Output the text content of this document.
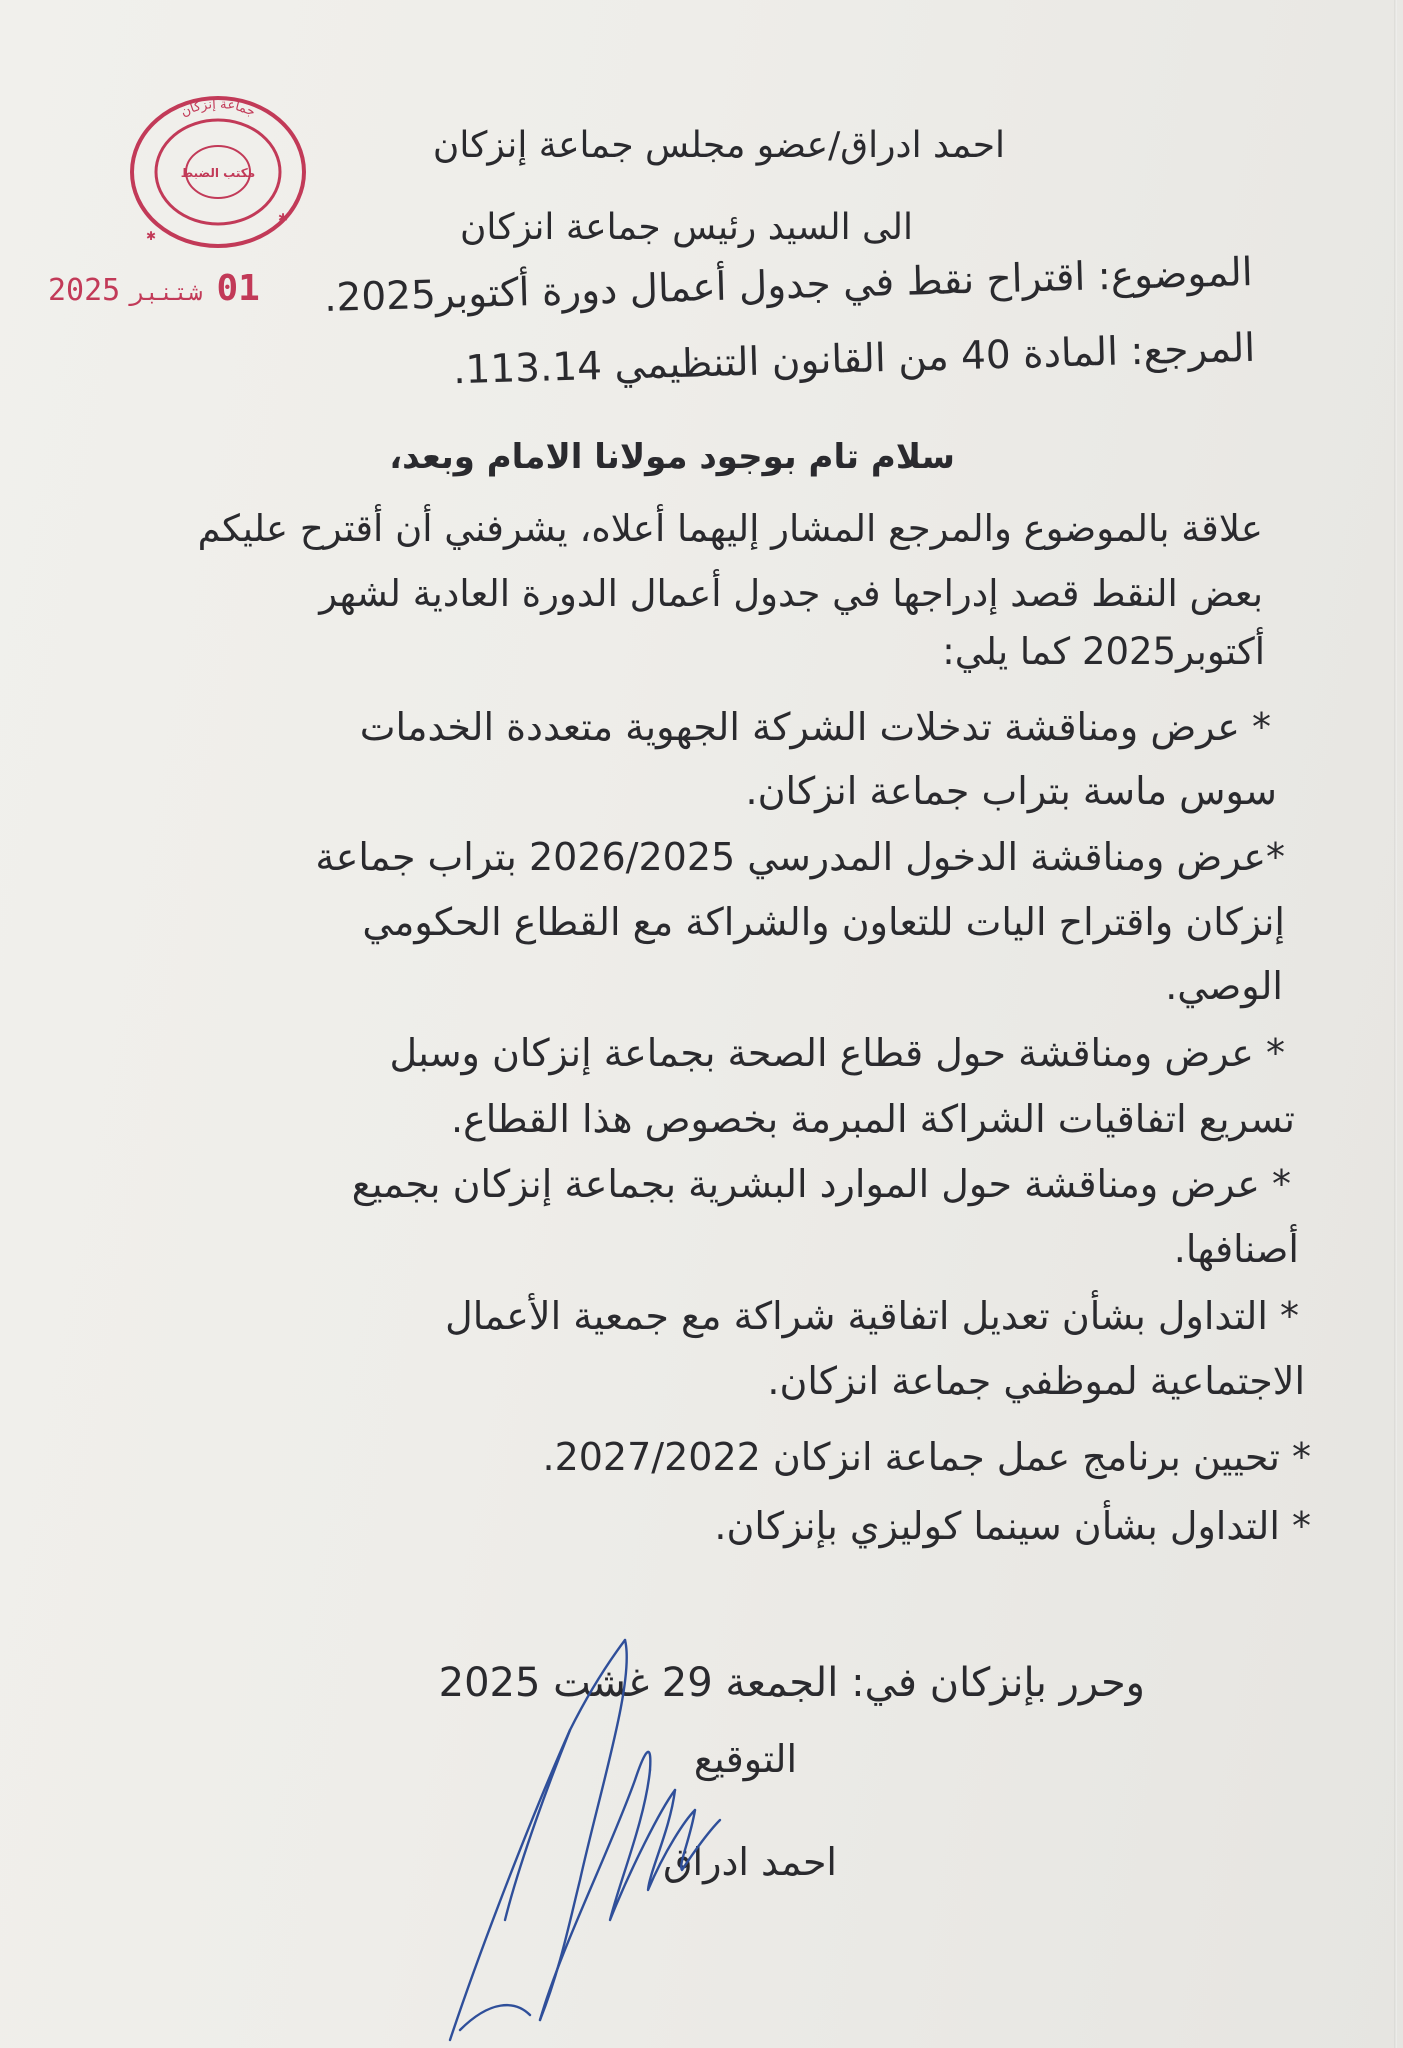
جماعة إنزكان
مكتب الضبط
✱
✱
01شتنبر2025
احمد ادراق/عضو مجلس جماعة إنزكان
الى السيد رئيس جماعة انزكان
الموضوع: اقتراح نقط في جدول أعمال دورة أكتوبر2025.
المرجع: المادة 40 من القانون التنظيمي 113.14.
سلام تام بوجود مولانا الامام وبعد،
علاقة بالموضوع والمرجع المشار إليهما أعلاه، يشرفني أن أقترح عليكم
بعض النقط قصد إدراجها في جدول أعمال الدورة العادية لشهر
أكتوبر2025 كما يلي:
* عرض ومناقشة تدخلات الشركة الجهوية متعددة الخدمات
سوس ماسة بتراب جماعة انزكان.
*عرض ومناقشة الدخول المدرسي 2026/2025 بتراب جماعة
إنزكان واقتراح اليات للتعاون والشراكة مع القطاع الحكومي
الوصي.
* عرض ومناقشة حول قطاع الصحة بجماعة إنزكان وسبل
تسريع اتفاقيات الشراكة المبرمة بخصوص هذا القطاع.
* عرض ومناقشة حول الموارد البشرية بجماعة إنزكان بجميع
أصنافها.
* التداول بشأن تعديل اتفاقية شراكة مع جمعية الأعمال
الاجتماعية لموظفي جماعة انزكان.
* تحيين برنامج عمل جماعة انزكان 2027/2022.
* التداول بشأن سينما كوليزي بإنزكان.
وحرر بإنزكان في: الجمعة 29 غشت 2025
التوقيع
احمد ادراق
